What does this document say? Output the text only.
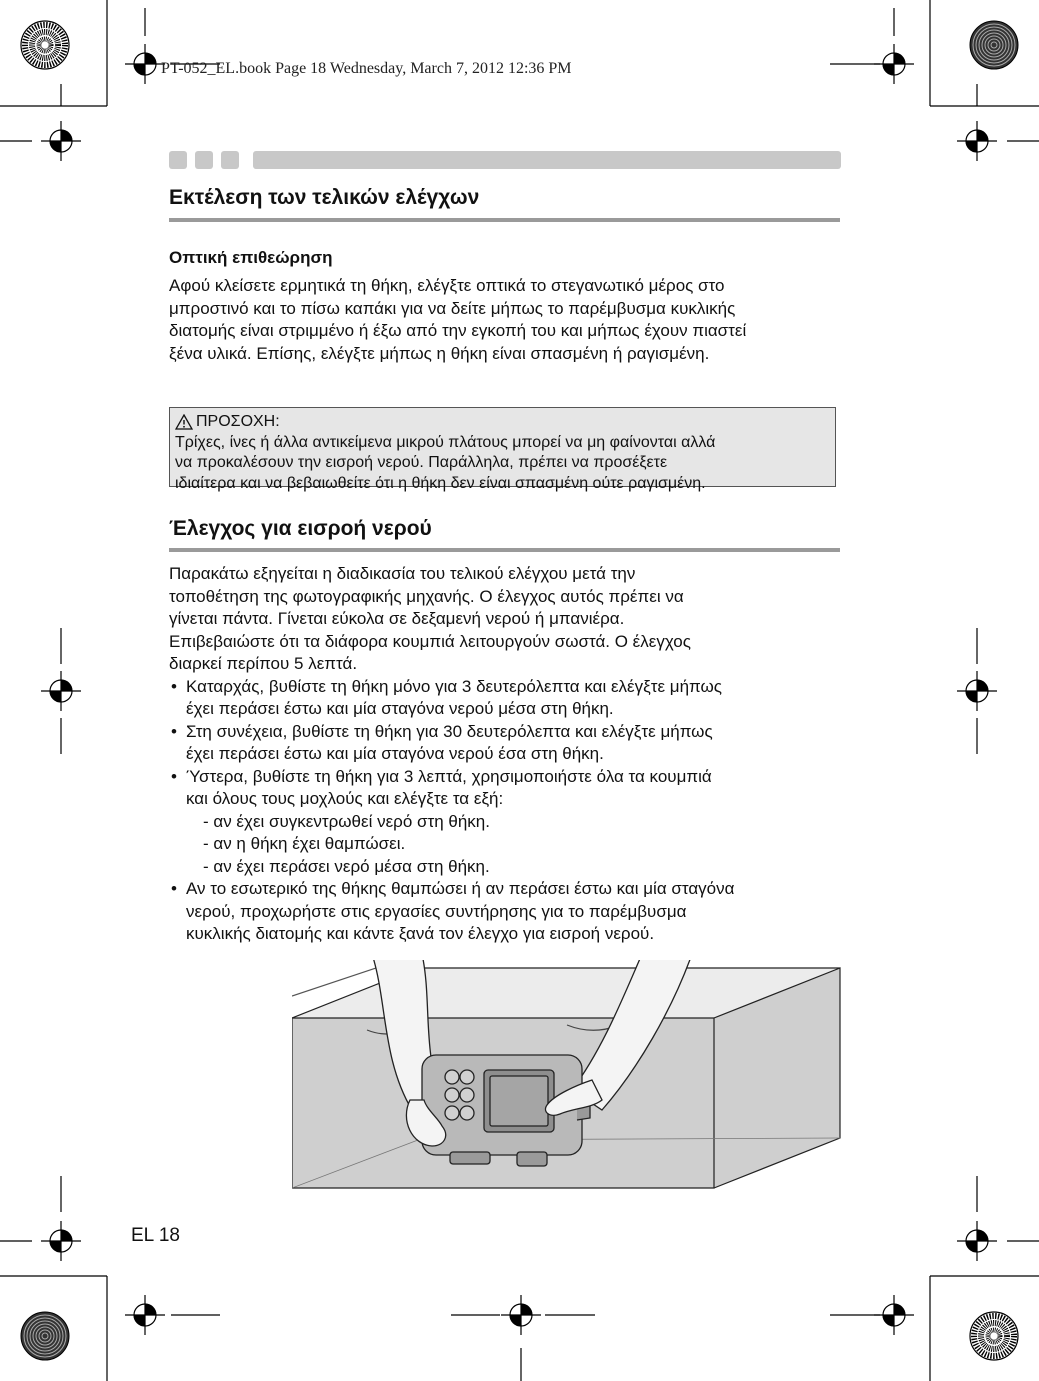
PT-052_EL.book Page 18 Wednesday, March 7, 2012 12:36 PM
Εκτέλεση των τελικών ελέγχων
Οπτική επιθεώρηση

Αφού κλείσετε ερμητικά τη θήκη, ελέγξτε οπτικά το στεγανωτικό μέρος στο

μπροστινό και το πίσω καπάκι για να δείτε μήπως το παρέμβυσμα κυκλικής

διατομής είναι στριμμένο ή έξω από την εγκοπή του και μήπως έχουν πιαστεί

ξένα υλικά. Επίσης, ελέγξτε μήπως η θήκη είναι σπασμένη ή ραγισμένη.

ΠΡΟΣΟΧΗ:
Τρίχες, ίνες ή άλλα αντικείμενα μικρού πλάτους μπορεί να μη φαίνονται αλλά
να προκαλέσουν την εισροή νερού. Παράλληλα, πρέπει να προσέξετε
ιδιαίτερα και να βεβαιωθείτε ότι η θήκη δεν είναι σπασμένη ούτε ραγισμένη.
Έλεγχος για εισροή νερού

Παρακάτω εξηγείται η διαδικασία του τελικού ελέγχου μετά την

τοποθέτηση της φωτογραφικής μηχανής. Ο έλεγχος αυτός πρέπει να

γίνεται πάντα. Γίνεται εύκολα σε δεξαμενή νερού ή μπανιέρα.

Επιβεβαιώστε ότι τα διάφορα κουμπιά λειτουργούν σωστά. Ο έλεγχος

διαρκεί περίπου 5 λεπτά.

• Καταρχάς, βυθίστε τη θήκη μόνο για 3 δευτερόλεπτα και ελέγξτε μήπως
έχει περάσει έστω και μία σταγόνα νερού μέσα στη θήκη.
• Στη συνέχεια, βυθίστε τη θήκη για 30 δευτερόλεπτα και ελέγξτε μήπως
έχει περάσει έστω και μία σταγόνα νερού έσα στη θήκη.
• Ύστερα, βυθίστε τη θήκη για 3 λεπτά, χρησιμοποιήστε όλα τα κουμπιά
και όλους τους μοχλούς και ελέγξτε τα εξή:
- αν έχει συγκεντρωθεί νερό στη θήκη.
- αν η θήκη έχει θαμπώσει.
- αν έχει περάσει νερό μέσα στη θήκη.
• Αν το εσωτερικό της θήκης θαμπώσει ή αν περάσει έστω και μία σταγόνα
νερού, προχωρήστε στις εργασίες συντήρησης για το παρέμβυσμα
κυκλικής διατομής και κάντε ξανά τον έλεγχο για εισροή νερού.
EL 18
